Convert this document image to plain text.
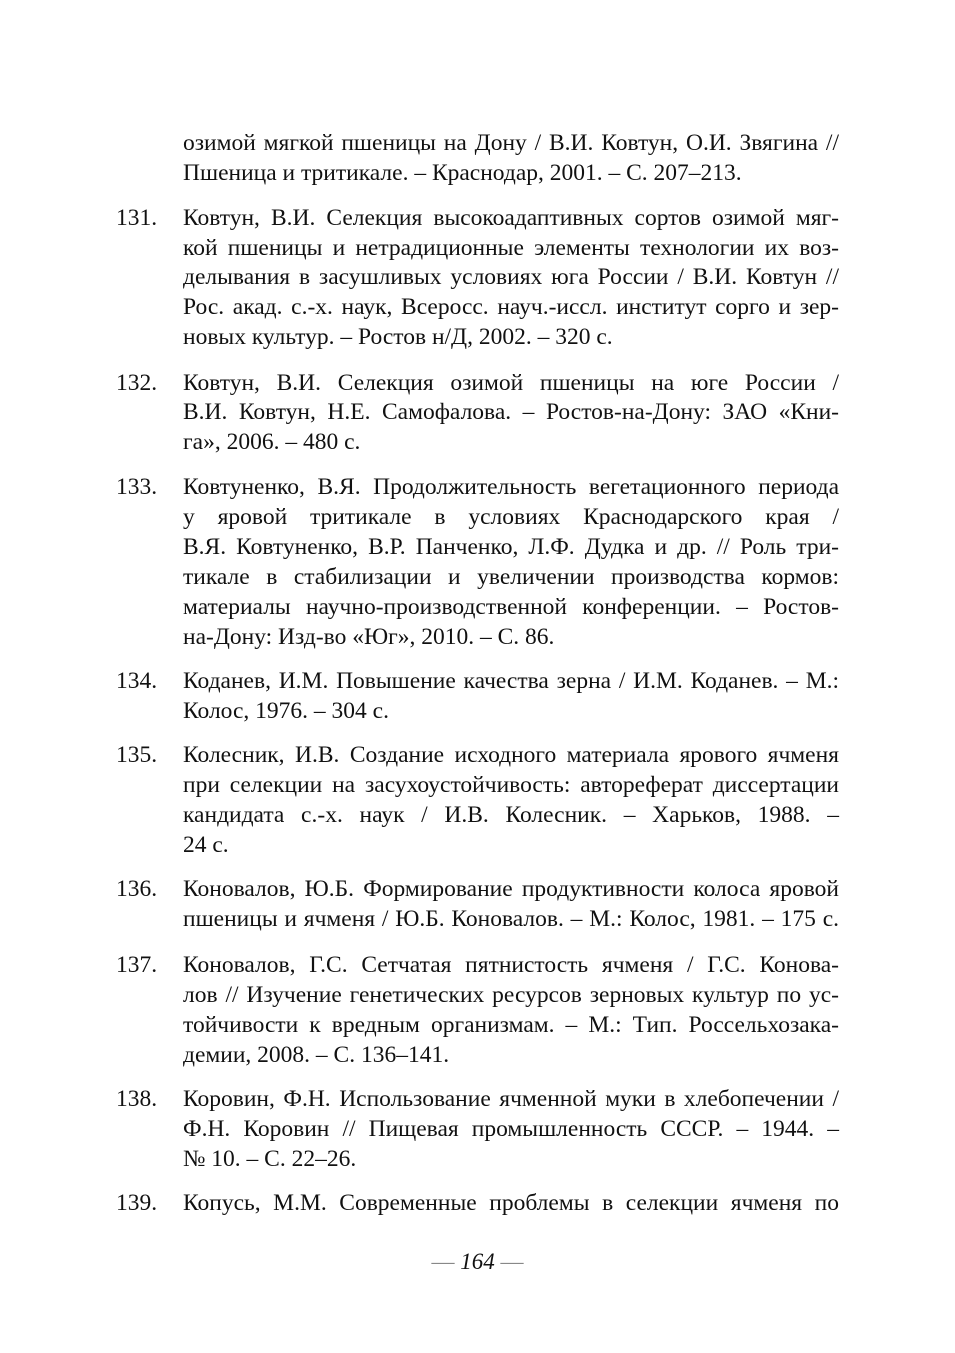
озимой мягкой пшеницы на Дону / В.И. Ковтун, О.И. Звягина //
Пшеница и тритикале. – Краснодар, 2001. – С. 207–213.
131. Ковтун, В.И. Селекция высокоадаптивных сортов озимой мяг-
кой пшеницы и нетрадиционные элементы технологии их воз-
делывания в засушливых условиях юга России / В.И. Ковтун //
Рос. акад. с.-х. наук, Всеросс. науч.-иссл. институт сорго и зер-
новых культур. – Ростов н/Д, 2002. – 320 с.
132. Ковтун, В.И. Селекция озимой пшеницы на юге России /
В.И. Ковтун, Н.Е. Самофалова. – Ростов-на-Дону: ЗАО «Кни-
га», 2006. – 480 с.
133. Ковтуненко, В.Я. Продолжительность вегетационного периода
у яровой тритикале в условиях Краснодарского края /
В.Я. Ковтуненко, В.Р. Панченко, Л.Ф. Дудка и др. // Роль три-
тикале в стабилизации и увеличении производства кормов:
материалы научно-производственной конференции. – Ростов-
на-Дону: Изд-во «Юг», 2010. – С. 86.
134. Коданев, И.М. Повышение качества зерна / И.М. Коданев. – М.:
Колос, 1976. – 304 с.
135. Колесник, И.В. Создание исходного материала ярового ячменя
при селекции на засухоустойчивость: автореферат диссертации
кандидата с.-х. наук / И.В. Колесник. – Харьков, 1988. –
24 с.
136. Коновалов, Ю.Б. Формирование продуктивности колоса яровой
пшеницы и ячменя / Ю.Б. Коновалов. – М.: Колос, 1981. – 175 с.
137. Коновалов, Г.С. Сетчатая пятнистость ячменя / Г.С. Конова-
лов // Изучение генетических ресурсов зерновых культур по ус-
тойчивости к вредным организмам. – М.: Тип. Россельхозака-
демии, 2008. – С. 136–141.
138. Коровин, Ф.Н. Использование ячменной муки в хлебопечении /
Ф.Н. Коровин // Пищевая промышленность СССР. – 1944. –
№ 10. – С. 22–26.
139. Копусь, М.М. Современные проблемы в селекции ячменя по
— 164 —
